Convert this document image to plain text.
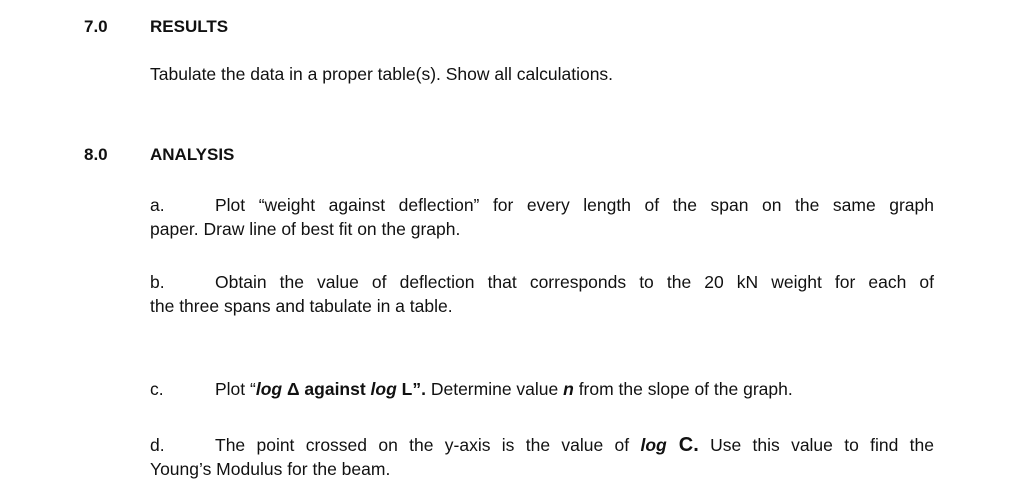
7.0 RESULTS
Tabulate the data in a proper table(s). Show all calculations.
8.0 ANALYSIS
a.	Plot “weight against deflection” for every length of the span on the same graph
paper. Draw line of best fit on the graph.
b.	Obtain the value of deflection that corresponds to the 20 kN weight for each of
the three spans and tabulate in a table.
c.	Plot “log Δ against log L”. Determine value n from the slope of the graph.
d.	The point crossed on the y-axis is the value of log C. Use this value to find the
Young’s Modulus for the beam.
